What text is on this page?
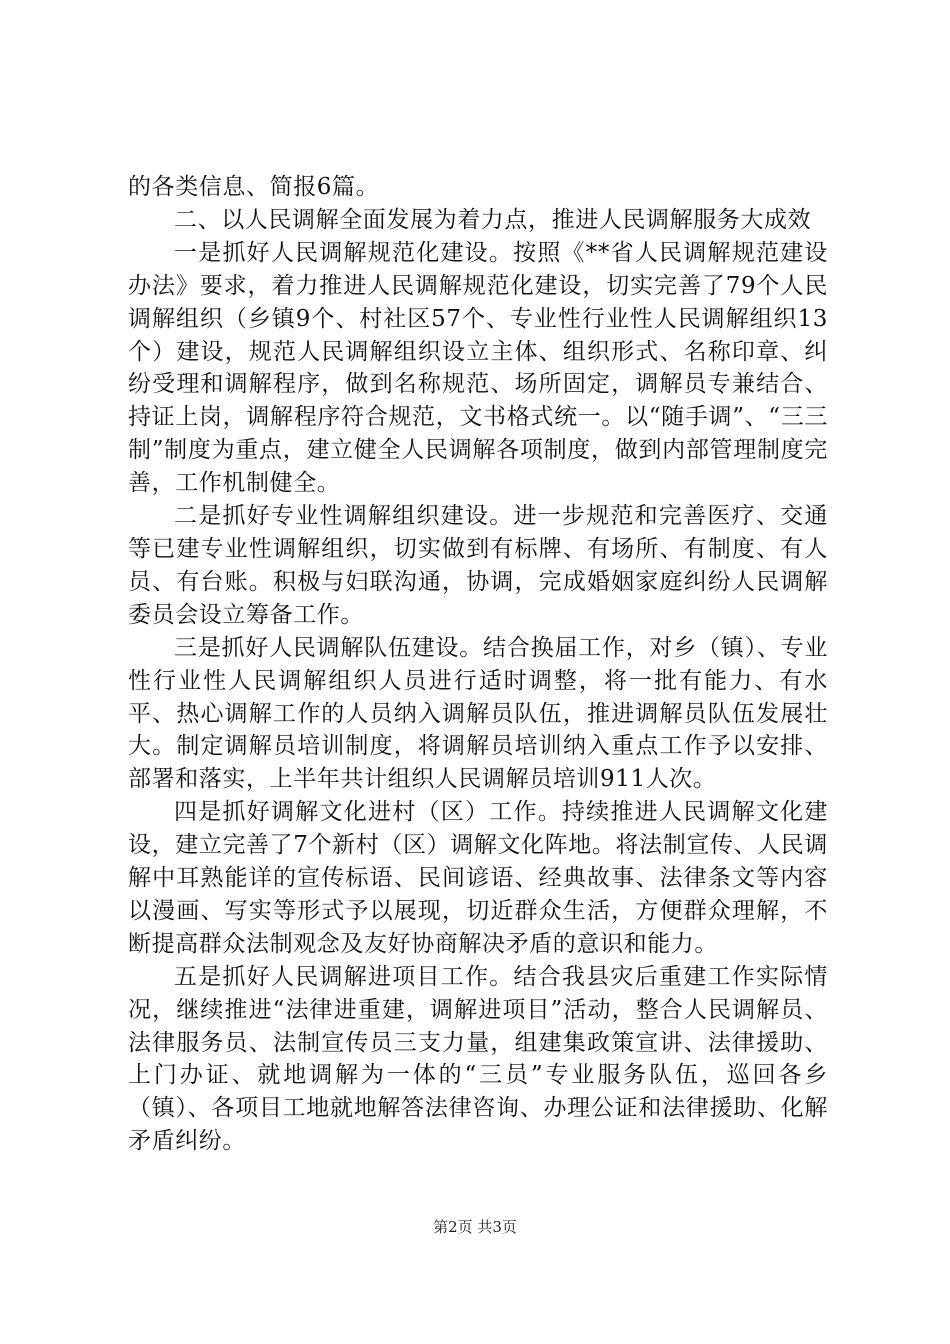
的各类信息、简报6篇。

二、以人民调解全面发展为着力点，推进人民调解服务大成效

一是抓好人民调解规范化建设。按照《**省人民调解规范建设办法》要求，着力推进人民调解规范化建设，切实完善了79个人民调解组织（乡镇9个、村社区57个、专业性行业性人民调解组织13个）建设，规范人民调解组织设立主体、组织形式、名称印章、纠纷受理和调解程序，做到名称规范、场所固定，调解员专兼结合、持证上岗，调解程序符合规范，文书格式统一。以“随手调”、“三三制”制度为重点，建立健全人民调解各项制度，做到内部管理制度完善，工作机制健全。

二是抓好专业性调解组织建设。进一步规范和完善医疗、交通等已建专业性调解组织，切实做到有标牌、有场所、有制度、有人员、有台账。积极与妇联沟通，协调，完成婚姻家庭纠纷人民调解委员会设立筹备工作。

三是抓好人民调解队伍建设。结合换届工作，对乡（镇）、专业性行业性人民调解组织人员进行适时调整，将一批有能力、有水平、热心调解工作的人员纳入调解员队伍，推进调解员队伍发展壮大。制定调解员培训制度，将调解员培训纳入重点工作予以安排、部署和落实，上半年共计组织人民调解员培训911人次。

四是抓好调解文化进村（区）工作。持续推进人民调解文化建设，建立完善了7个新村（区）调解文化阵地。将法制宣传、人民调解中耳熟能详的宣传标语、民间谚语、经典故事、法律条文等内容以漫画、写实等形式予以展现，切近群众生活，方便群众理解，不断提高群众法制观念及友好协商解决矛盾的意识和能力。

五是抓好人民调解进项目工作。结合我县灾后重建工作实际情况，继续推进“法律进重建，调解进项目”活动，整合人民调解员、法律服务员、法制宣传员三支力量，组建集政策宣讲、法律援助、上门办证、就地调解为一体的“三员”专业服务队伍，巡回各乡（镇）、各项目工地就地解答法律咨询、办理公证和法律援助、化解矛盾纠纷。

第2页 共3页
